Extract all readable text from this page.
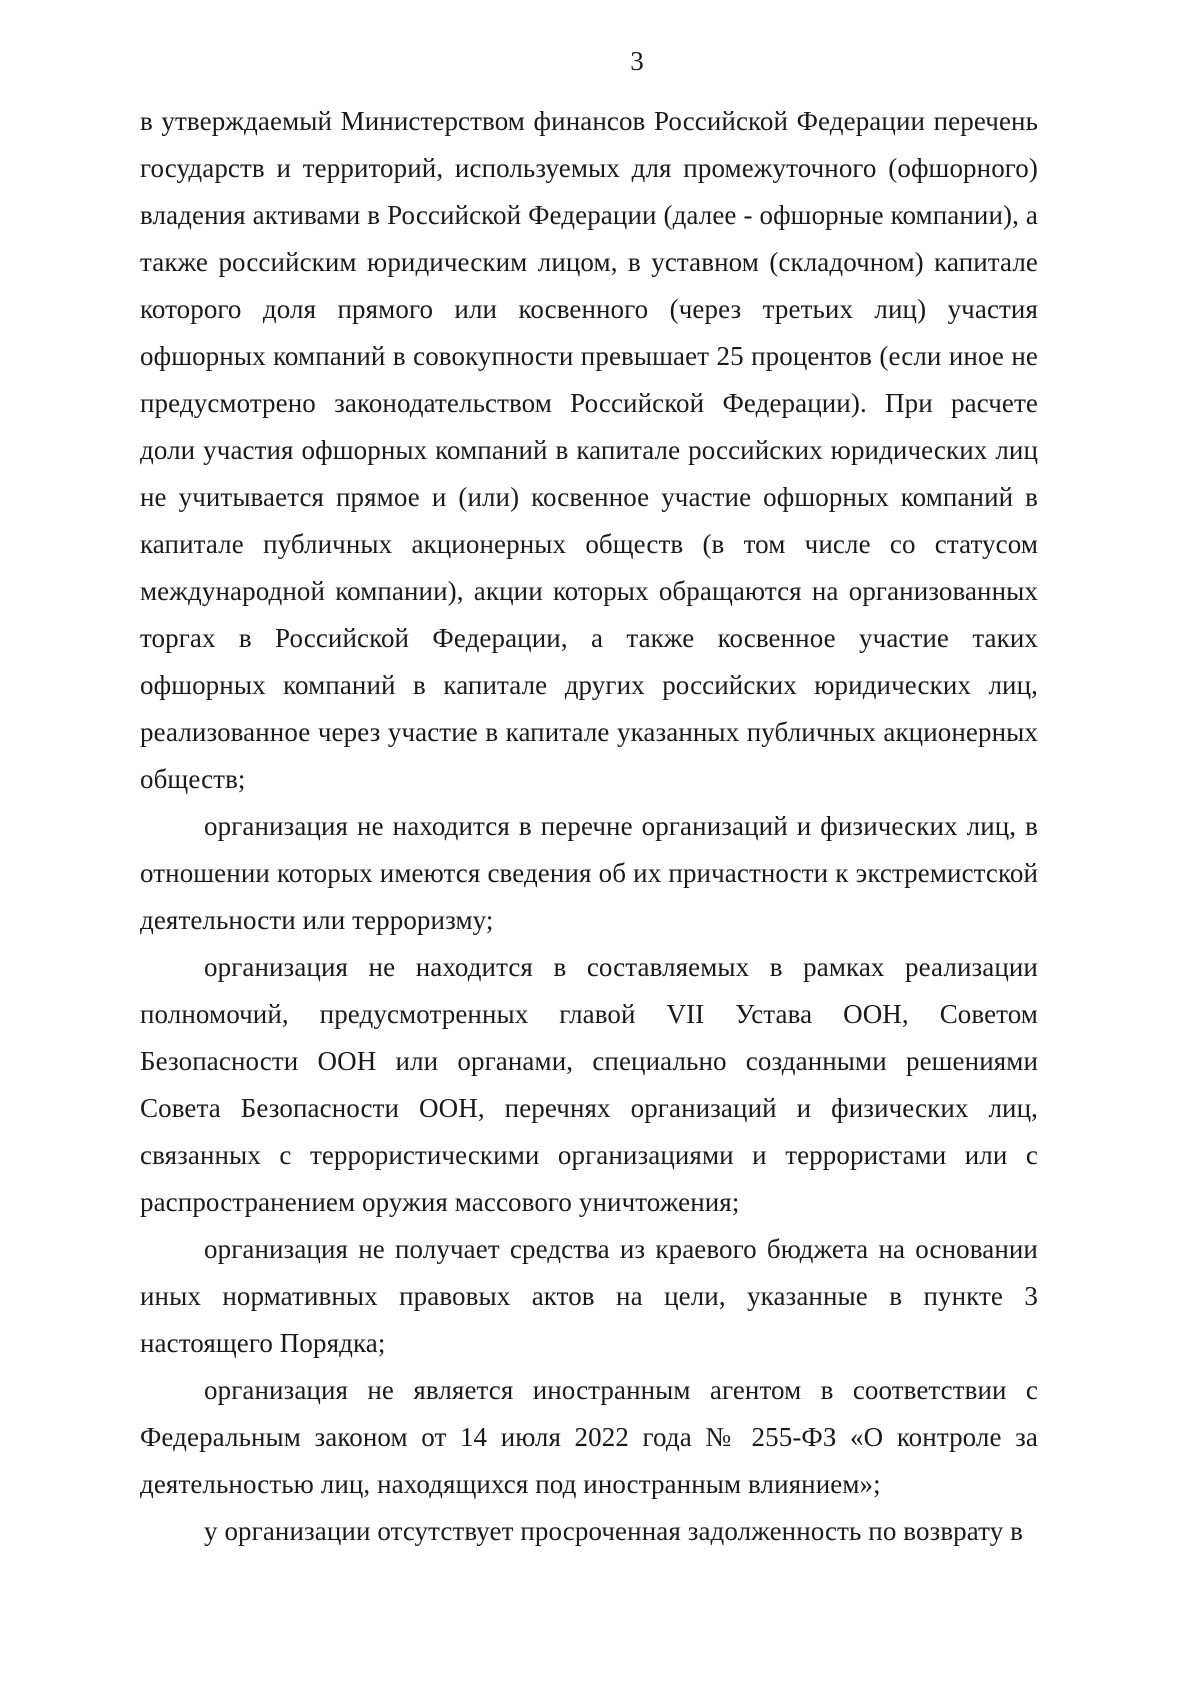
3

в утверждаемый Министерством финансов Российской Федерации перечень государств и территорий, используемых для промежуточного (офшорного) владения активами в Российской Федерации (далее - офшорные компании), а также российским юридическим лицом, в уставном (складочном) капитале которого доля прямого или косвенного (через третьих лиц) участия офшорных компаний в совокупности превышает 25 процентов (если иное не предусмотрено законодательством Российской Федерации). При расчете доли участия офшорных компаний в капитале российских юридических лиц не учитывается прямое и (или) косвенное участие офшорных компаний в капитале публичных акционерных обществ (в том числе со статусом международной компании), акции которых обращаются на организованных торгах в Российской Федерации, а также косвенное участие таких офшорных компаний в капитале других российских юридических лиц, реализованное через участие в капитале указанных публичных акционерных обществ;

организация не находится в перечне организаций и физических лиц, в отношении которых имеются сведения об их причастности к экстремистской деятельности или терроризму;

организация не находится в составляемых в рамках реализации полномочий, предусмотренных главой VII Устава ООН, Советом Безопасности ООН или органами, специально созданными решениями Совета Безопасности ООН, перечнях организаций и физических лиц, связанных с террористическими организациями и террористами или с распространением оружия массового уничтожения;

организация не получает средства из краевого бюджета на основании иных нормативных правовых актов на цели, указанные в пункте 3 настоящего Порядка;

организация не является иностранным агентом в соответствии с Федеральным законом от 14 июля 2022 года № 255-ФЗ «О контроле за деятельностью лиц, находящихся под иностранным влиянием»;

у организации отсутствует просроченная задолженность по возврату в
